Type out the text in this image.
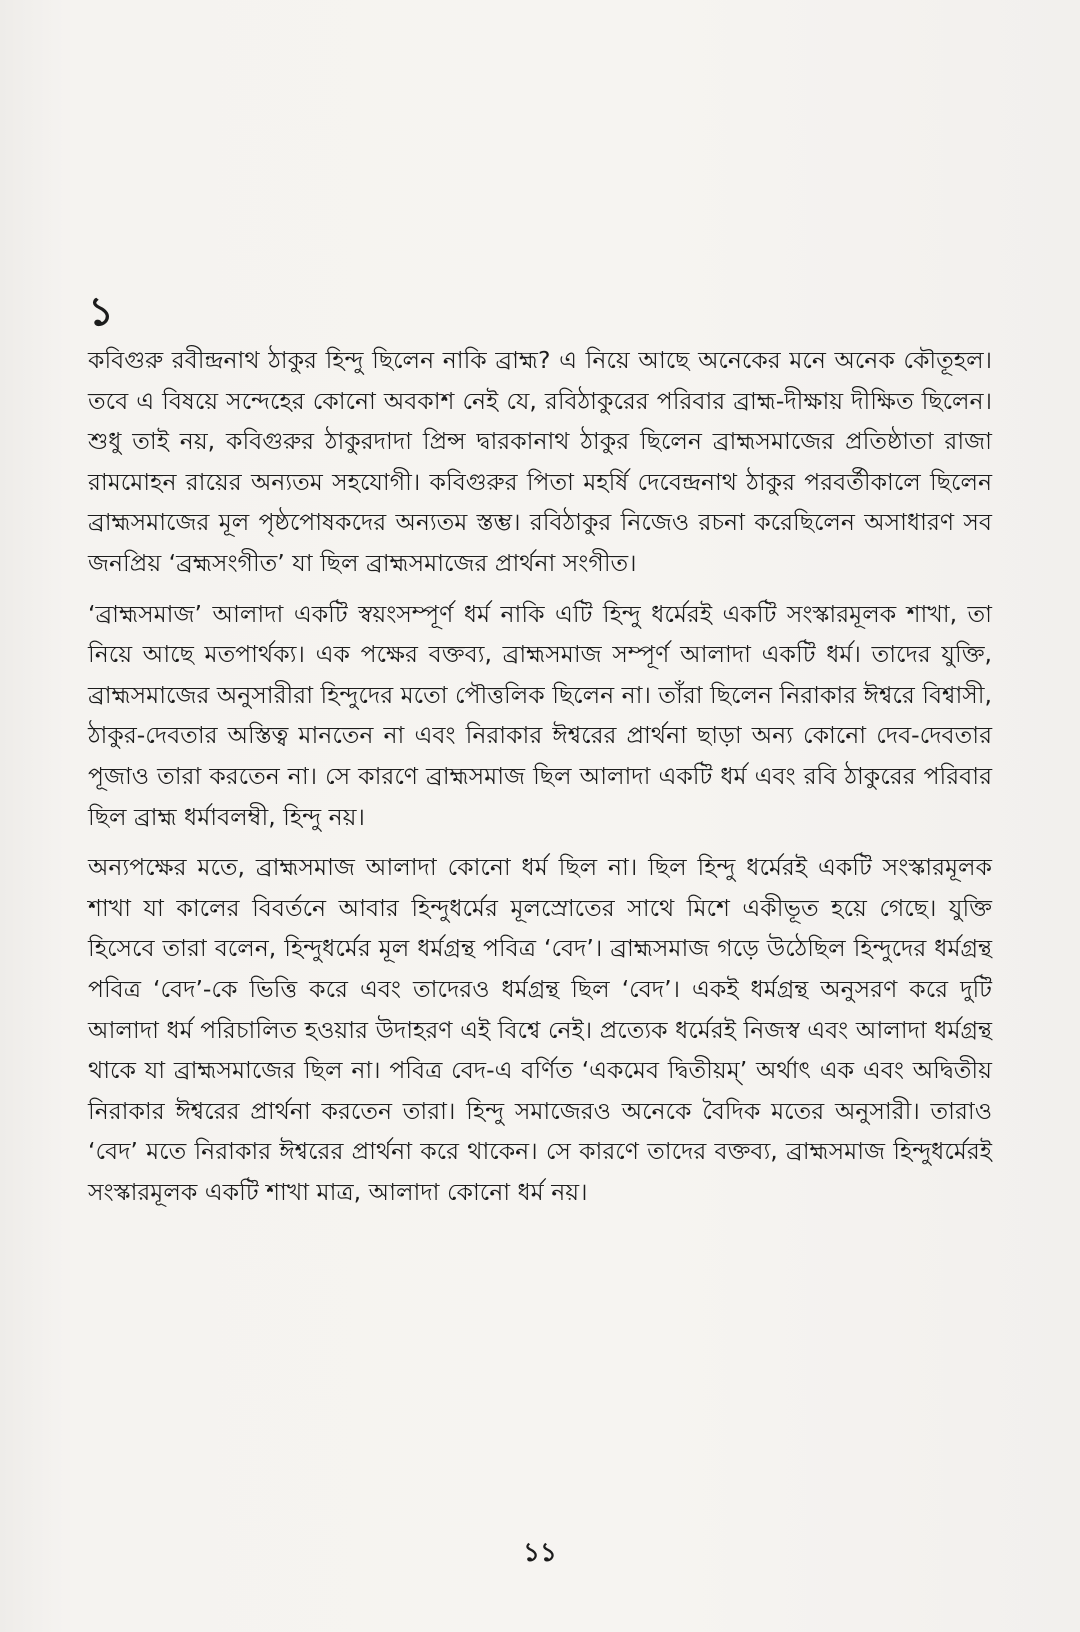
১

কবিগুরু রবীন্দ্রনাথ ঠাকুর হিন্দু ছিলেন নাকি ব্রাহ্ম? এ নিয়ে আছে অনেকের মনে অনেক কৌতূহল। তবে এ বিষয়ে সন্দেহের কোনো অবকাশ নেই যে, রবিঠাকুরের পরিবার ব্রাহ্ম-দীক্ষায় দীক্ষিত ছিলেন। শুধু তাই নয়, কবিগুরুর ঠাকুরদাদা প্রিন্স দ্বারকানাথ ঠাকুর ছিলেন ব্রাহ্মসমাজের প্রতিষ্ঠাতা রাজা রামমোহন রায়ের অন্যতম সহযোগী। কবিগুরুর পিতা মহর্ষি দেবেন্দ্রনাথ ঠাকুর পরবর্তীকালে ছিলেন ব্রাহ্মসমাজের মূল পৃষ্ঠপোষকদের অন্যতম স্তম্ভ। রবিঠাকুর নিজেও রচনা করেছিলেন অসাধারণ সব জনপ্রিয় ‘ব্রহ্মসংগীত’ যা ছিল ব্রাহ্মসমাজের প্রার্থনা সংগীত।

‘ব্রাহ্মসমাজ’ আলাদা একটি স্বয়ংসম্পূর্ণ ধর্ম নাকি এটি হিন্দু ধর্মেরই একটি সংস্কারমূলক শাখা, তা নিয়ে আছে মতপার্থক্য। এক পক্ষের বক্তব্য, ব্রাহ্মসমাজ সম্পূর্ণ আলাদা একটি ধর্ম। তাদের যুক্তি, ব্রাহ্মসমাজের অনুসারীরা হিন্দুদের মতো পৌত্তলিক ছিলেন না। তাঁরা ছিলেন নিরাকার ঈশ্বরে বিশ্বাসী, ঠাকুর-দেবতার অস্তিত্ব মানতেন না এবং নিরাকার ঈশ্বরের প্রার্থনা ছাড়া অন্য কোনো দেব-দেবতার পূজাও তারা করতেন না। সে কারণে ব্রাহ্মসমাজ ছিল আলাদা একটি ধর্ম এবং রবি ঠাকুরের পরিবার ছিল ব্রাহ্ম ধর্মাবলম্বী, হিন্দু নয়।

অন্যপক্ষের মতে, ব্রাহ্মসমাজ আলাদা কোনো ধর্ম ছিল না। ছিল হিন্দু ধর্মেরই একটি সংস্কারমূলক শাখা যা কালের বিবর্তনে আবার হিন্দুধর্মের মূলস্রোতের সাথে মিশে একীভূত হয়ে গেছে। যুক্তি হিসেবে তারা বলেন, হিন্দুধর্মের মূল ধর্মগ্রন্থ পবিত্র ‘বেদ’। ব্রাহ্মসমাজ গড়ে উঠেছিল হিন্দুদের ধর্মগ্রন্থ পবিত্র ‘বেদ’-কে ভিত্তি করে এবং তাদেরও ধর্মগ্রন্থ ছিল ‘বেদ’। একই ধর্মগ্রন্থ অনুসরণ করে দুটি আলাদা ধর্ম পরিচালিত হওয়ার উদাহরণ এই বিশ্বে নেই। প্রত্যেক ধর্মেরই নিজস্ব এবং আলাদা ধর্মগ্রন্থ থাকে যা ব্রাহ্মসমাজের ছিল না। পবিত্র বেদ-এ বর্ণিত ‘একমেব দ্বিতীয়ম্’ অর্থাৎ এক এবং অদ্বিতীয় নিরাকার ঈশ্বরের প্রার্থনা করতেন তারা। হিন্দু সমাজেরও অনেকে বৈদিক মতের অনুসারী। তারাও ‘বেদ’ মতে নিরাকার ঈশ্বরের প্রার্থনা করে থাকেন। সে কারণে তাদের বক্তব্য, ব্রাহ্মসমাজ হিন্দুধর্মেরই সংস্কারমূলক একটি শাখা মাত্র, আলাদা কোনো ধর্ম নয়।

১১
